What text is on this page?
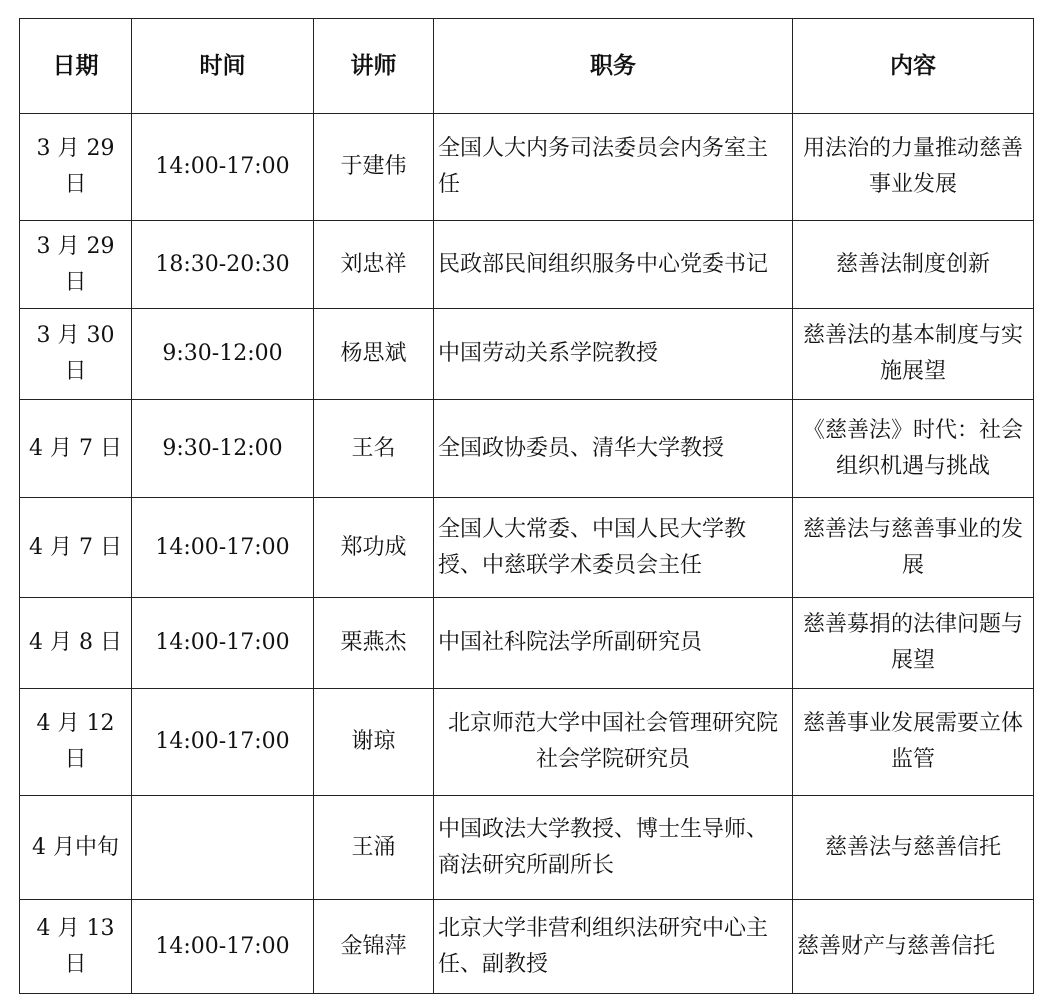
日期	时间	讲师	职务	内容
3 月 29 日	14:00-17:00	于建伟	全国人大内务司法委员会内务室主任	用法治的力量推动慈善事业发展
3 月 29 日	18:30-20:30	刘忠祥	民政部民间组织服务中心党委书记	慈善法制度创新
3 月 30 日	9:30-12:00	杨思斌	中国劳动关系学院教授	慈善法的基本制度与实施展望
4 月 7 日	9:30-12:00	王名	全国政协委员、清华大学教授	《慈善法》时代：社会组织机遇与挑战
4 月 7 日	14:00-17:00	郑功成	全国人大常委、中国人民大学教授、中慈联学术委员会主任	慈善法与慈善事业的发展
4 月 8 日	14:00-17:00	栗燕杰	中国社科院法学所副研究员	慈善募捐的法律问题与展望
4 月 12 日	14:00-17:00	谢琼	北京师范大学中国社会管理研究院 社会学院研究员	慈善事业发展需要立体监管
4 月中旬		王涌	中国政法大学教授、博士生导师、商法研究所副所长	慈善法与慈善信托
4 月 13 日	14:00-17:00	金锦萍	北京大学非营利组织法研究中心主任、副教授	慈善财产与慈善信托
